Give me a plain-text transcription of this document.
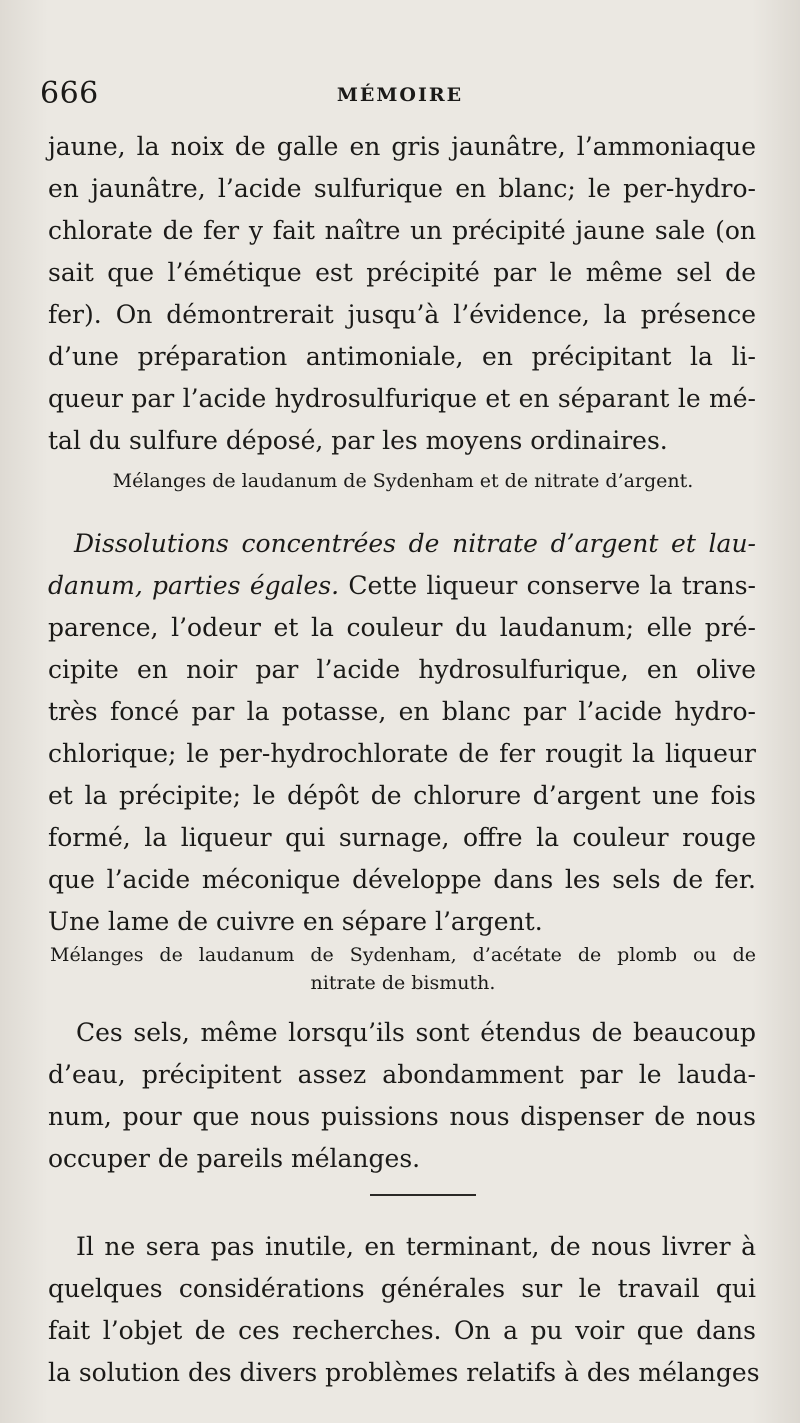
666	MÉMOIRE
jaune, la noix de galle en gris jaunâtre, l’ammoniaque
en jaunâtre, l’acide sulfurique en blanc; le per-hydro-
chlorate de fer y fait naître un précipité jaune sale (on
sait que l’émétique est précipité par le même sel de
fer). On démontrerait jusqu’à l’évidence, la présence
d’une préparation antimoniale, en précipitant la li-
queur par l’acide hydrosulfurique et en séparant le mé-
tal du sulfure déposé, par les moyens ordinaires.
Mélanges de laudanum de Sydenham et de nitrate d’argent.
Dissolutions concentrées de nitrate d’argent et lau-
danum, parties égales. Cette liqueur conserve la trans-
parence, l’odeur et la couleur du laudanum; elle pré-
cipite en noir par l’acide hydrosulfurique, en olive
très foncé par la potasse, en blanc par l’acide hydro-
chlorique; le per-hydrochlorate de fer rougit la liqueur
et la précipite; le dépôt de chlorure d’argent une fois
formé, la liqueur qui surnage, offre la couleur rouge
que l’acide méconique développe dans les sels de fer.
Une lame de cuivre en sépare l’argent.
Mélanges de laudanum de Sydenham, d’acétate de plomb ou de
nitrate de bismuth.
Ces sels, même lorsqu’ils sont étendus de beaucoup
d’eau, précipitent assez abondamment par le lauda-
num, pour que nous puissions nous dispenser de nous
occuper de pareils mélanges.
Il ne sera pas inutile, en terminant, de nous livrer à
quelques considérations générales sur le travail qui
fait l’objet de ces recherches. On a pu voir que dans
la solution des divers problèmes relatifs à des mélanges
